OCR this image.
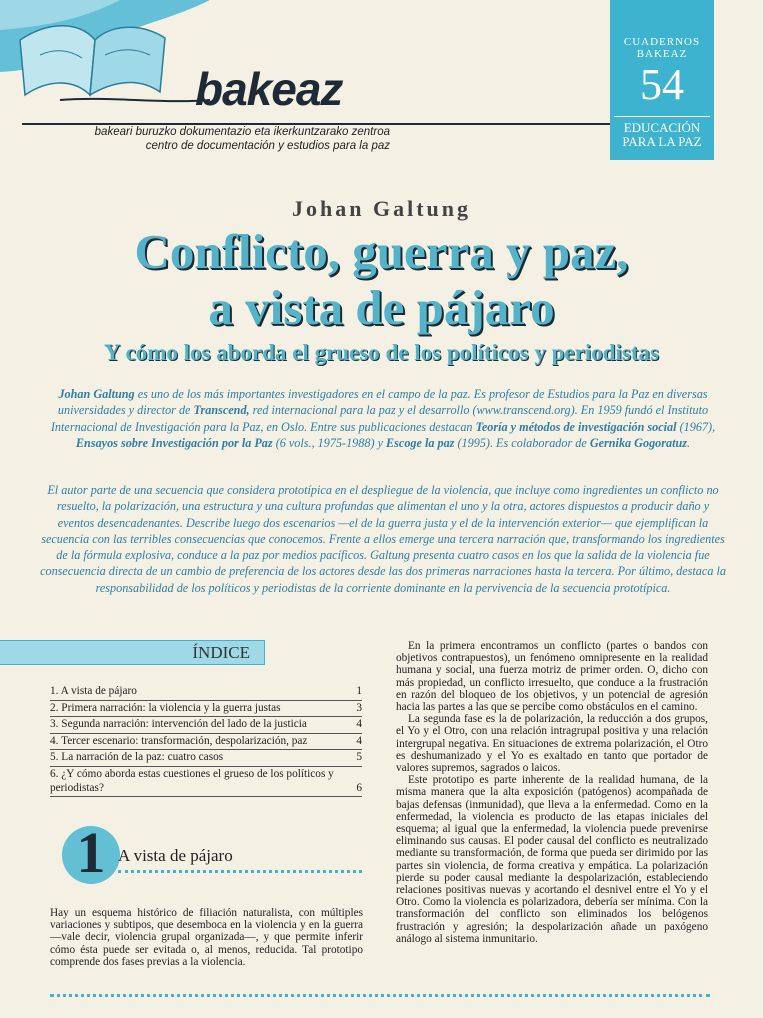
bakeaz
bakeari buruzko dokumentazio eta ikerkuntzarako zentroa
centro de documentación y estudios para la paz
CUADERNOS BAKEAZ
54
EDUCACIÓN PARA LA PAZ
Johan Galtung
Conflicto, guerra y paz,
a vista de pájaro
Y cómo los aborda el grueso de los políticos y periodistas
Johan Galtung es uno de los más importantes investigadores en el campo de la paz. Es profesor de Estudios para la Paz en diversas universidades y director de Transcend, red internacional para la paz y el desarrollo (www.transcend.org). En 1959 fundó el Instituto Internacional de Investigación para la Paz, en Oslo. Entre sus publicaciones destacan Teoría y métodos de investigación social (1967), Ensayos sobre Investigación por la Paz (6 vols., 1975-1988) y Escoge la paz (1995). Es colaborador de Gernika Gogoratuz.
El autor parte de una secuencia que considera prototípica en el despliegue de la violencia, que incluye como ingredientes un conflicto no resuelto, la polarización, una estructura y una cultura profundas que alimentan el uno y la otra, actores dispuestos a producir daño y eventos desencadenantes. Describe luego dos escenarios —el de la guerra justa y el de la intervención exterior— que ejemplifican la secuencia con las terribles consecuencias que conocemos. Frente a ellos emerge una tercera narración que, transformando los ingredientes de la fórmula explosiva, conduce a la paz por medios pacíficos. Galtung presenta cuatro casos en los que la salida de la violencia fue consecuencia directa de un cambio de preferencia de los actores desde las dos primeras narraciones hasta la tercera. Por último, destaca la responsabilidad de los políticos y periodistas de la corriente dominante en la pervivencia de la secuencia prototípica.
ÍNDICE
1. A vista de pájaro	1
2. Primera narración: la violencia y la guerra justas	3
3. Segunda narración: intervención del lado de la justicia	4
4. Tercer escenario: transformación, despolarización, paz	4
5. La narración de la paz: cuatro casos	5
6. ¿Y cómo aborda estas cuestiones el grueso de los políticos y periodistas?	6
1 A vista de pájaro

Hay un esquema histórico de filiación naturalista, con múltiples variaciones y subtipos, que desemboca en la violencia y en la guerra —vale decir, violencia grupal organizada—, y que permite inferir cómo ésta puede ser evitada o, al menos, reducida. Tal prototipo comprende dos fases previas a la violencia.

En la primera encontramos un conflicto (partes o bandos con objetivos contrapuestos), un fenómeno omnipresente en la realidad humana y social, una fuerza motriz de primer orden. O, dicho con más propiedad, un conflicto irresuelto, que conduce a la frustración en razón del bloqueo de los objetivos, y un potencial de agresión hacia las partes a las que se percibe como obstáculos en el camino.

La segunda fase es la de polarización, la reducción a dos grupos, el Yo y el Otro, con una relación intragrupal positiva y una relación intergrupal negativa. En situaciones de extrema polarización, el Otro es deshumanizado y el Yo es exaltado en tanto que portador de valores supremos, sagrados o laicos.

Este prototipo es parte inherente de la realidad humana, de la misma manera que la alta exposición (patógenos) acompañada de bajas defensas (inmunidad), que lleva a la enfermedad. Como en la enfermedad, la violencia es producto de las etapas iniciales del esquema; al igual que la enfermedad, la violencia puede prevenirse eliminando sus causas. El poder causal del conflicto es neutralizado mediante su transformación, de forma que pueda ser dirimido por las partes sin violencia, de forma creativa y empática. La polarización pierde su poder causal mediante la despolarización, estableciendo relaciones positivas nuevas y acortando el desnivel entre el Yo y el Otro. Como la violencia es polarizadora, debería ser mínima. Con la transformación del conflicto son eliminados los belógenos frustración y agresión; la despolarización añade un paxógeno análogo al sistema inmunitario.
